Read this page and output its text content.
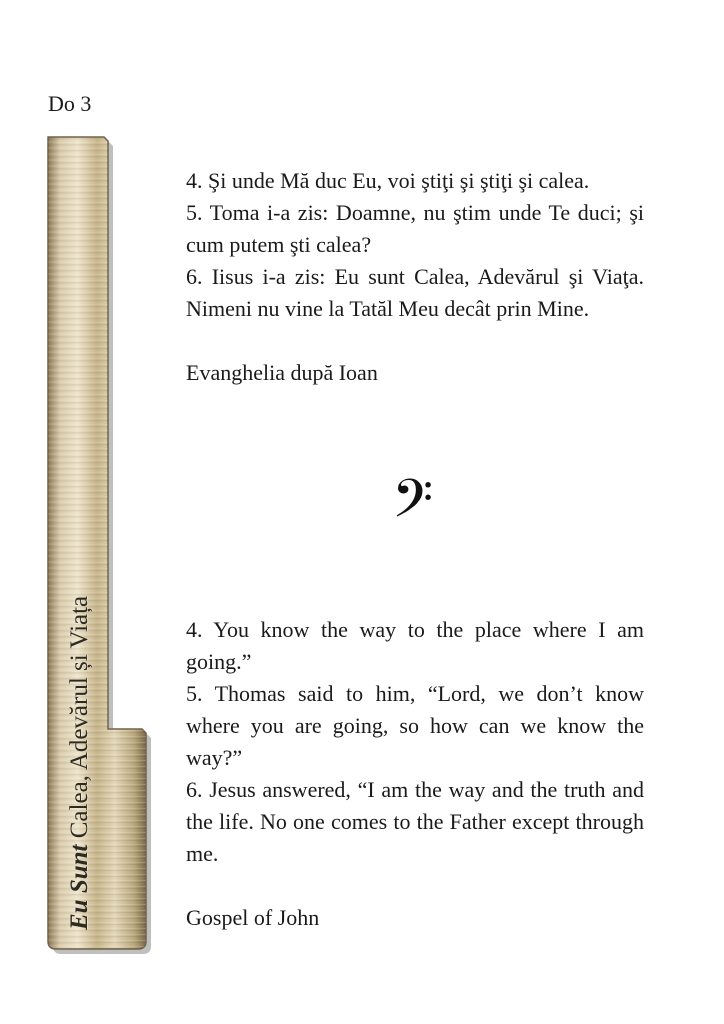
Do 3
Eu Sunt Calea, Adevărul și Viața

4. Şi unde Mă duc Eu, voi ştiţi şi ştiţi şi calea.

5. Toma i-a zis: Doamne, nu ştim unde Te duci; şi cum putem şti calea?

6. Iisus i-a zis: Eu sunt Calea, Adevărul şi Viaţa. Nimeni nu vine la Tatăl Meu decât prin Mine.

Evanghelia după Ioan

𝄢

4. You know the way to the place where I am going.”

5. Thomas said to him, “Lord, we don’t know where you are going, so how can we know the way?”

6. Jesus answered, “I am the way and the truth and the life. No one comes to the Father except through me.

Gospel of John
